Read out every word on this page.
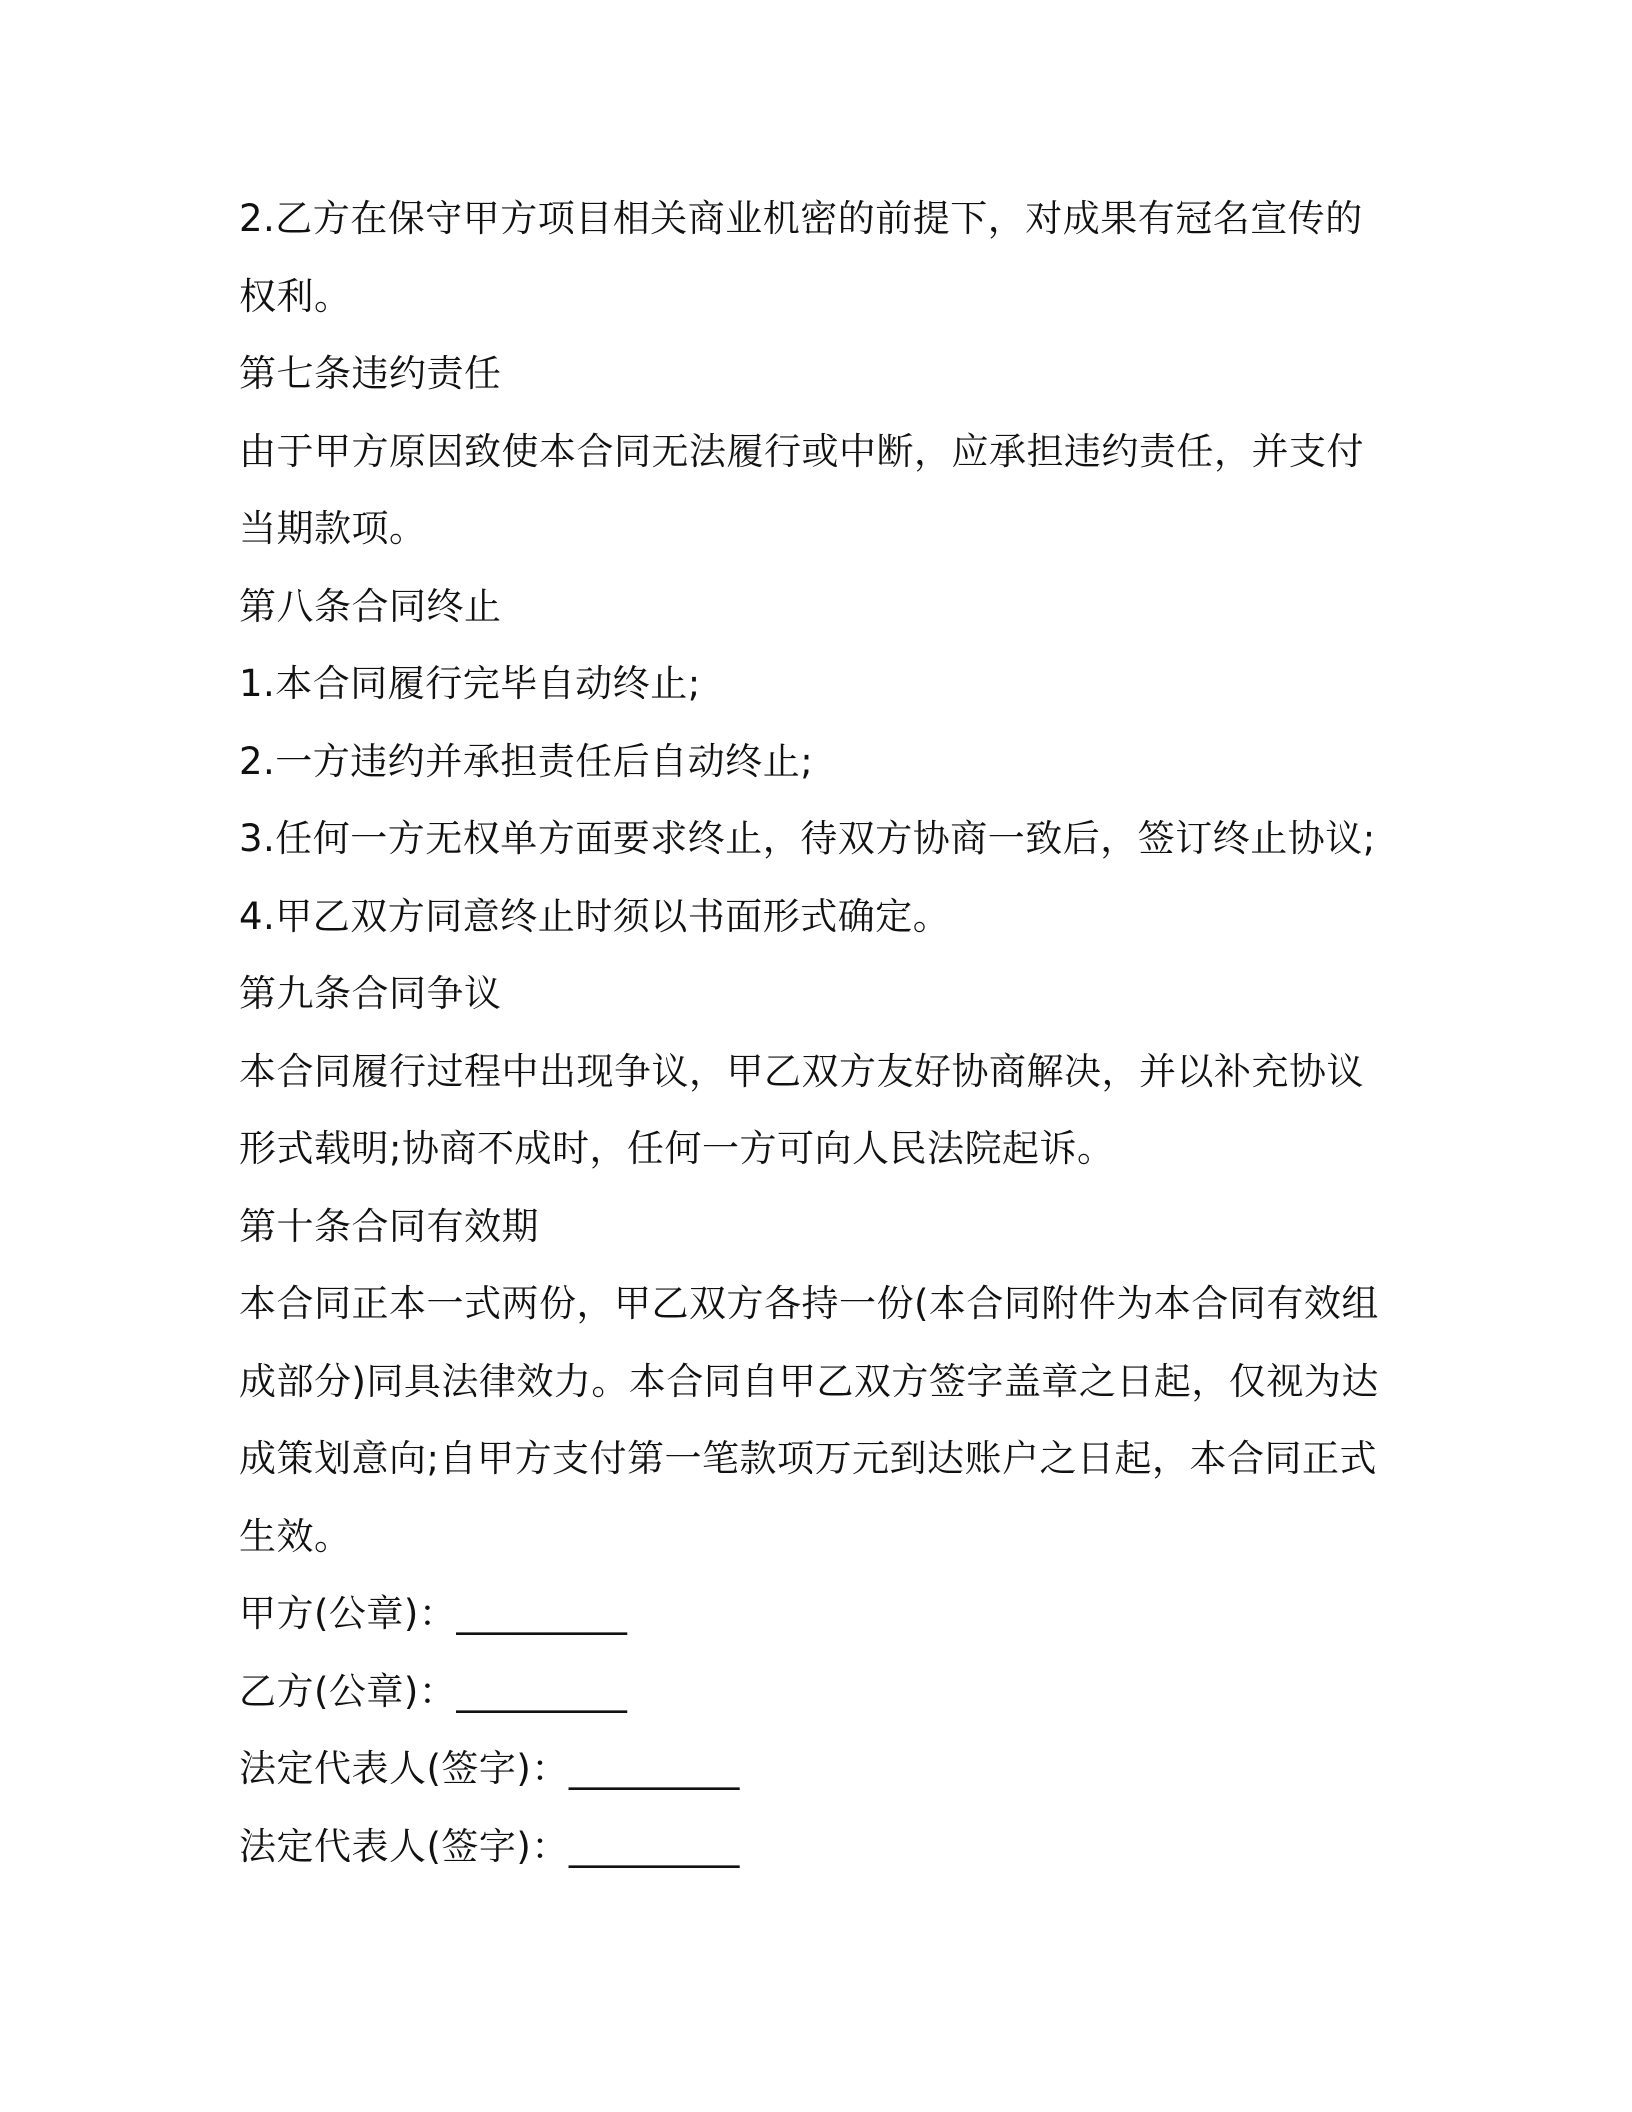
2.乙方在保守甲方项目相关商业机密的前提下，对成果有冠名宣传的
权利。
第七条违约责任
由于甲方原因致使本合同无法履行或中断，应承担违约责任，并支付
当期款项。
第八条合同终止
1.本合同履行完毕自动终止;
2.一方违约并承担责任后自动终止;
3.任何一方无权单方面要求终止，待双方协商一致后，签订终止协议;
4.甲乙双方同意终止时须以书面形式确定。
第九条合同争议
本合同履行过程中出现争议，甲乙双方友好协商解决，并以补充协议
形式载明;协商不成时，任何一方可向人民法院起诉。
第十条合同有效期
本合同正本一式两份，甲乙双方各持一份(本合同附件为本合同有效组
成部分)同具法律效力。本合同自甲乙双方签字盖章之日起，仅视为达
成策划意向;自甲方支付第一笔款项万元到达账户之日起，本合同正式
生效。
甲方(公章)：_________
乙方(公章)：_________
法定代表人(签字)：_________
法定代表人(签字)：_________
